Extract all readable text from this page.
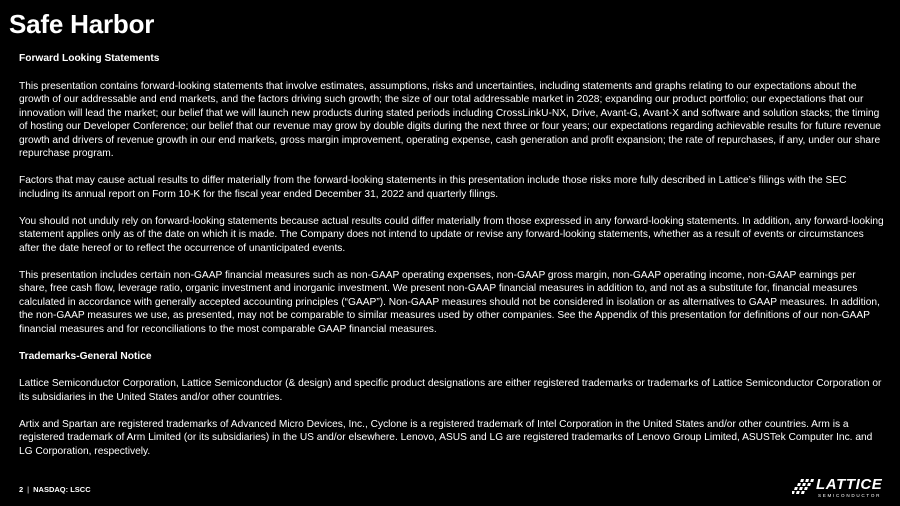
Safe Harbor
Forward Looking Statements

This presentation contains forward-looking statements that involve estimates, assumptions, risks and uncertainties, including statements and graphs relating to our expectations about the growth of our addressable and end markets, and the factors driving such growth; the size of our total addressable market in 2028; expanding our product portfolio; our expectations that our innovation will lead the market; our belief that we will launch new products during stated periods including CrossLinkU-NX, Drive, Avant-G, Avant-X and software and solution stacks; the timing of hosting our Developer Conference; our belief that our revenue may grow by double digits during the next three or four years; our expectations regarding achievable results for future revenue growth and drivers of revenue growth in our end markets, gross margin improvement, operating expense, cash generation and profit expansion; the rate of repurchases, if any, under our share repurchase program.

Factors that may cause actual results to differ materially from the forward-looking statements in this presentation include those risks more fully described in Lattice’s filings with the SEC including its annual report on Form 10-K for the fiscal year ended December 31, 2022 and quarterly filings.

You should not unduly rely on forward-looking statements because actual results could differ materially from those expressed in any forward-looking statements. In addition, any forward-looking statement applies only as of the date on which it is made. The Company does not intend to update or revise any forward-looking statements, whether as a result of events or circumstances after the date hereof or to reflect the occurrence of unanticipated events.

This presentation includes certain non-GAAP financial measures such as non-GAAP operating expenses, non-GAAP gross margin, non-GAAP operating income, non-GAAP earnings per share, free cash flow, leverage ratio, organic investment and inorganic investment. We present non-GAAP financial measures in addition to, and not as a substitute for, financial measures calculated in accordance with generally accepted accounting principles (“GAAP”). Non-GAAP measures should not be considered in isolation or as alternatives to GAAP measures. In addition, the non-GAAP measures we use, as presented, may not be comparable to similar measures used by other companies. See the Appendix of this presentation for definitions of our non-GAAP financial measures and for reconciliations to the most comparable GAAP financial measures.

Trademarks-General Notice

Lattice Semiconductor Corporation, Lattice Semiconductor (& design) and specific product designations are either registered trademarks or trademarks of Lattice Semiconductor Corporation or its subsidiaries in the United States and/or other countries.

Artix and Spartan are registered trademarks of Advanced Micro Devices, Inc., Cyclone is a registered trademark of Intel Corporation in the United States and/or other countries. Arm is a registered trademark of Arm Limited (or its subsidiaries) in the US and/or elsewhere. Lenovo, ASUS and LG are registered trademarks of Lenovo Group Limited, ASUSTek Computer Inc. and LG Corporation, respectively.

2 | NASDAQ: LSCC	LATTICE
SEMICONDUCTOR
